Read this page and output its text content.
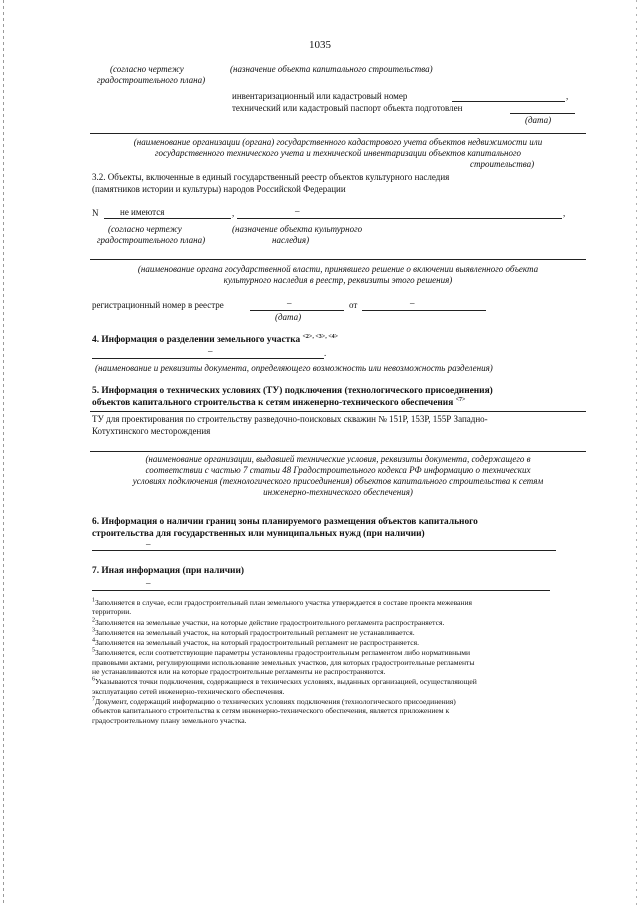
1035
(согласно чертежу	(назначение объекта капитального строительства)
градостроительного плана)
инвентаризационный или кадастровый номер	,
технический или кадастровый паспорт объекта подготовлен
(дата)
(наименование организации (органа) государственного кадастрового учета объектов недвижимости или
государственного технического учета и технической инвентаризации объектов капитального
строительства)
3.2. Объекты, включенные в единый государственный реестр объектов культурного наследия
(памятников истории и культуры) народов Российской Федерации
N не имеются	,	–	,
(согласно чертежу	(назначение объекта культурного
градостроительного плана)	наследия)
(наименование органа государственной власти, принявшего решение о включении выявленного объекта
культурного наследия в реестр, реквизиты этого решения)
регистрационный номер в реестре	–	от	–
(дата)
4. Информация о разделении земельного участка $^{<2>, <3>, <4>}$
–	.
(наименование и реквизиты документа, определяющего возможность или невозможность разделения)
5. Информация о технических условиях (ТУ) подключения (технологического присоединения)
объектов капитального строительства к сетям инженерно-технического обеспечения $^{<7>}$
ТУ для проектирования по строительству разведочно-поисковых скважин № 151Р, 153Р, 155Р Западно-
Котухтинского месторождения
(наименование организации, выдавшей технические условия, реквизиты документа, содержащего в
соответствии с частью 7 статьи 48 Градостроительного кодекса РФ информацию о технических
условиях подключения (технологического присоединения) объектов капитального строительства к сетям
инженерно-технического обеспечения)
6. Информация о наличии границ зоны планируемого размещения объектов капитального
строительства для государственных или муниципальных нужд (при наличии)
–
7. Иная информация (при наличии)
–
$^1$Заполняется в случае, если градостроительный план земельного участка утверждается в составе проекта межевания
территории.
$^2$Заполняется на земельные участки, на которые действие градостроительного регламента распространяется.
$^3$Заполняется на земельный участок, на который градостроительный регламент не устанавливается.
$^4$Заполняется на земельный участок, на который градостроительный регламент не распространяется.
$^5$Заполняется, если соответствующие параметры установлены градостроительным регламентом либо нормативными
правовыми актами, регулирующими использование земельных участков, для которых градостроительные регламенты
не устанавливаются или на которые градостроительные регламенты не распространяются.
$^6$Указываются точки подключения, содержащиеся в технических условиях, выданных организацией, осуществляющей
эксплуатацию сетей инженерно-технического обеспечения.
$^7$Документ, содержащий информацию о технических условиях подключения (технологического присоединения)
объектов капитального строительства к сетям инженерно-технического обеспечения, является приложением к
градостроительному плану земельного участка.
